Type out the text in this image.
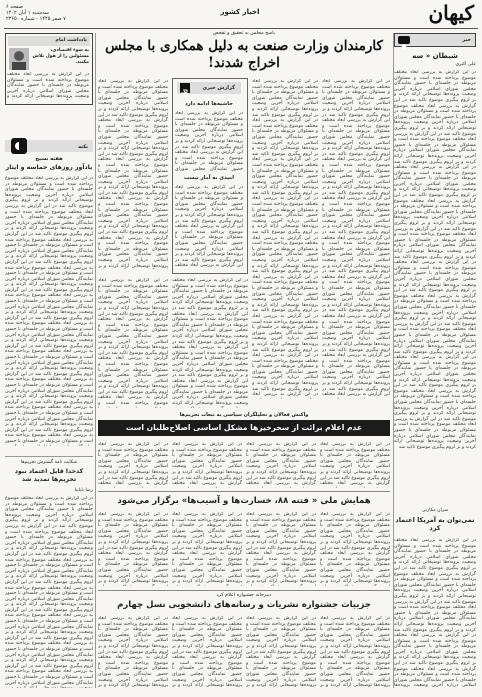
صفحه ۶
سه‌شنبه ۱ آبان ۱۴۰۲
۷ صفر ۱۴۴۵ - شماره ۲۳۶۵۰
اخبار کشور	کیهان
خبر
شیطان « سه
علی اکبری
در این گزارش به بررسی ابعاد مختلف موضوع پرداخته شده است و مسئولان مربوطه در جلسه‌ای با حضور نمایندگان مجلس شورای اسلامی درباره آخرین وضعیت پرونده‌ها توضیحاتی ارائه کردند و بر لزوم پیگیری موضوع تاکید شد در این گزارش به بررسی ابعاد مختلف موضوع پرداخته شده است و مسئولان مربوطه در جلسه‌ای با حضور نمایندگان مجلس شورای اسلامی درباره آخرین وضعیت پرونده‌ها توضیحاتی ارائه کردند و بر لزوم پیگیری موضوع تاکید شد در این گزارش به بررسی ابعاد مختلف موضوع پرداخته شده است و مسئولان مربوطه در جلسه‌ای با حضور نمایندگان مجلس شورای اسلامی درباره آخرین وضعیت پرونده‌ها توضیحاتی ارائه کردند و بر لزوم پیگیری موضوع تاکید شد در این گزارش به بررسی ابعاد مختلف موضوع پرداخته شده است و مسئولان مربوطه در جلسه‌ای با حضور نمایندگان مجلس شورای اسلامی درباره آخرین وضعیت پرونده‌ها توضیحاتی ارائه کردند و بر لزوم پیگیری موضوع تاکید شد در این گزارش به بررسی ابعاد مختلف موضوع پرداخته شده است و مسئولان مربوطه در جلسه‌ای با حضور نمایندگان مجلس شورای اسلامی درباره آخرین وضعیت پرونده‌ها توضیحاتی ارائه کردند و بر لزوم پیگیری موضوع تاکید شد در این گزارش به بررسی ابعاد مختلف موضوع پرداخته شده است و مسئولان مربوطه در جلسه‌ای با حضور نمایندگان مجلس شورای اسلامی درباره آخرین وضعیت پرونده‌ها توضیحاتی ارائه کردند و بر لزوم پیگیری موضوع تاکید شد در این گزارش به بررسی ابعاد مختلف موضوع پرداخته شده است و مسئولان مربوطه در جلسه‌ای با حضور نمایندگان مجلس شورای اسلامی درباره آخرین وضعیت پرونده‌ها توضیحاتی ارائه کردند و بر لزوم پیگیری موضوع تاکید شد در این گزارش به بررسی ابعاد مختلف موضوع پرداخته شده است و مسئولان مربوطه در جلسه‌ای با حضور نمایندگان مجلس شورای اسلامی درباره آخرین وضعیت پرونده‌ها توضیحاتی ارائه کردند و بر لزوم پیگیری موضوع تاکید شد در این گزارش به بررسی ابعاد مختلف موضوع پرداخته شده است و مسئولان مربوطه در جلسه‌ای با حضور نمایندگان مجلس شورای اسلامی درباره آخرین وضعیت پرونده‌ها توضیحاتی ارائه کردند و بر لزوم پیگیری موضوع تاکید شد در این گزارش به بررسی ابعاد مختلف موضوع پرداخته شده است و مسئولان مربوطه در جلسه‌ای با حضور نمایندگان مجلس شورای اسلامی درباره آخرین وضعیت پرونده‌ها توضیحاتی ارائه کردند و بر لزوم پیگیری موضوع تاکید شد در این گزارش به بررسی ابعاد مختلف موضوع پرداخته شده است و مسئولان مربوطه در جلسه‌ای با حضور نمایندگان مجلس شورای اسلامی درباره آخرین وضعیت پرونده‌ها توضیحاتی ارائه کردند و بر لزوم پیگیری موضوع تاکید شد در این گزارش به بررسی ابعاد مختلف موضوع پرداخته شده است و مسئولان مربوطه در جلسه‌ای با حضور نمایندگان مجلس شورای اسلامی درباره آخرین وضعیت پرونده‌ها توضیحاتی ارائه کردند و بر لزوم پیگیری موضوع تاکید شد
سران مکارتی
نمی‌توان به آمریکا اعتماد کرد
در این گزارش به بررسی ابعاد مختلف موضوع پرداخته شده است و مسئولان مربوطه در جلسه‌ای با حضور نمایندگان مجلس شورای اسلامی درباره آخرین وضعیت پرونده‌ها توضیحاتی ارائه کردند و بر لزوم پیگیری موضوع تاکید شد در این گزارش به بررسی ابعاد مختلف موضوع پرداخته شده است و مسئولان مربوطه در جلسه‌ای با حضور نمایندگان مجلس شورای اسلامی درباره آخرین وضعیت پرونده‌ها توضیحاتی ارائه کردند و بر لزوم پیگیری موضوع تاکید شد در این گزارش به بررسی ابعاد مختلف موضوع پرداخته شده است و مسئولان مربوطه در جلسه‌ای با حضور نمایندگان مجلس شورای اسلامی درباره آخرین وضعیت پرونده‌ها توضیحاتی ارائه کردند و بر لزوم پیگیری موضوع تاکید شد در این گزارش به بررسی ابعاد مختلف موضوع پرداخته شده است و مسئولان مربوطه در جلسه‌ای با حضور نمایندگان مجلس شورای اسلامی درباره آخرین وضعیت پرونده‌ها توضیحاتی ارائه کردند و بر لزوم پیگیری موضوع تاکید شد در این گزارش به بررسی ابعاد مختلف موضوع پرداخته شده است و مسئولان مربوطه در جلسه‌ای با حضور نمایندگان مجلس شورای اسلامی درباره آخرین وضعیت پرونده‌ها
باسخ مجلس به تحقیق و تفحص
کارمندان وزارت صنعت به دلیل همکاری با مجلس اخراج شدند!
در این گزارش به بررسی ابعاد مختلف موضوع پرداخته شده است و مسئولان مربوطه در جلسه‌ای با حضور نمایندگان مجلس شورای اسلامی درباره آخرین وضعیت پرونده‌ها توضیحاتی ارائه کردند و بر لزوم پیگیری موضوع تاکید شد در این گزارش به بررسی ابعاد مختلف موضوع پرداخته شده است و مسئولان مربوطه در جلسه‌ای با حضور نمایندگان مجلس شورای اسلامی درباره آخرین وضعیت پرونده‌ها توضیحاتی ارائه کردند و بر لزوم پیگیری موضوع تاکید شد در این گزارش به بررسی ابعاد مختلف موضوع پرداخته شده است و مسئولان مربوطه در جلسه‌ای با حضور نمایندگان مجلس شورای اسلامی درباره آخرین وضعیت پرونده‌ها توضیحاتی ارائه کردند و بر لزوم پیگیری موضوع تاکید شد در این گزارش به بررسی ابعاد مختلف موضوع پرداخته شده است و مسئولان مربوطه در جلسه‌ای با حضور نمایندگان مجلس شورای اسلامی درباره آخرین وضعیت پرونده‌ها توضیحاتی ارائه کردند و بر لزوم پیگیری موضوع تاکید شد در این گزارش به بررسی ابعاد مختلف موضوع پرداخته شده است و مسئولان مربوطه در جلسه‌ای با حضور نمایندگان مجلس شورای اسلامی درباره آخرین وضعیت پرونده‌ها توضیحاتی ارائه کردند و بر لزوم پیگیری موضوع تاکید شد در این گزارش به بررسی ابعاد مختلف موضوع پرداخته شده است و مسئولان مربوطه در جلسه‌ای با حضور نمایندگان مجلس شورای اسلامی درباره آخرین وضعیت پرونده‌ها توضیحاتی ارائه کردند و بر لزوم پیگیری موضوع تاکید شد در این گزارش به بررسی ابعاد مختلف موضوع پرداخته شده است و مسئولان مربوطه در جلسه‌ای با حضور نمایندگان مجلس شورای اسلامی درباره آخرین وضعیت پرونده‌ها توضیحاتی ارائه کردند و بر لزوم پیگیری موضوع تاکید شد در این گزارش به بررسی ابعاد مختلف موضوع پرداخته شده است و مسئولان مربوطه در جلسه‌ای با حضور نمایندگان مجلس شورای اسلامی درباره آخرین وضعیت پرونده‌ها توضیحاتی ارائه کردند و بر لزوم پیگیری موضوع تاکید شد در این گزارش به بررسی ابعاد مختلف
در این گزارش به بررسی ابعاد مختلف موضوع پرداخته شده است و مسئولان مربوطه در جلسه‌ای با حضور نمایندگان مجلس شورای اسلامی درباره آخرین وضعیت پرونده‌ها توضیحاتی ارائه کردند و بر لزوم پیگیری موضوع تاکید شد در این گزارش به بررسی ابعاد مختلف موضوع پرداخته شده است و مسئولان مربوطه در جلسه‌ای با حضور نمایندگان مجلس شورای اسلامی درباره آخرین وضعیت پرونده‌ها توضیحاتی ارائه کردند و بر لزوم پیگیری موضوع تاکید شد در این گزارش به بررسی ابعاد مختلف موضوع پرداخته شده است و مسئولان مربوطه در جلسه‌ای با حضور نمایندگان مجلس شورای اسلامی درباره آخرین وضعیت پرونده‌ها توضیحاتی ارائه کردند و بر لزوم پیگیری موضوع تاکید شد در این گزارش به بررسی ابعاد مختلف موضوع پرداخته شده است و مسئولان مربوطه در جلسه‌ای با حضور نمایندگان مجلس شورای اسلامی درباره آخرین وضعیت پرونده‌ها توضیحاتی ارائه کردند و بر لزوم پیگیری موضوع تاکید شد در این گزارش به بررسی ابعاد مختلف موضوع پرداخته شده است و مسئولان مربوطه در جلسه‌ای با حضور نمایندگان مجلس شورای اسلامی درباره آخرین وضعیت پرونده‌ها توضیحاتی ارائه کردند و بر لزوم پیگیری موضوع تاکید شد در این گزارش به بررسی ابعاد مختلف موضوع پرداخته شده است و مسئولان مربوطه در جلسه‌ای با حضور نمایندگان مجلس شورای اسلامی درباره آخرین وضعیت پرونده‌ها توضیحاتی ارائه کردند و بر لزوم پیگیری موضوع تاکید شد در این گزارش به بررسی ابعاد مختلف موضوع پرداخته شده است و مسئولان مربوطه در جلسه‌ای با حضور نمایندگان مجلس شورای اسلامی درباره آخرین وضعیت پرونده‌ها توضیحاتی ارائه کردند و بر لزوم پیگیری موضوع تاکید شد در این گزارش به بررسی ابعاد مختلف موضوع پرداخته شده است و مسئولان مربوطه در جلسه‌ای با حضور نمایندگان مجلس شورای اسلامی درباره آخرین وضعیت پرونده‌ها توضیحاتی ارائه کردند و بر لزوم پیگیری موضوع تاکید شد در این گزارش به بررسی ابعاد
گزارش خبری
حاشیه‌ها ادامه دارد
در این گزارش به بررسی ابعاد مختلف موضوع پرداخته شده است و مسئولان مربوطه در جلسه‌ای با حضور نمایندگان مجلس شورای اسلامی درباره آخرین وضعیت پرونده‌ها توضیحاتی ارائه کردند و بر لزوم پیگیری موضوع تاکید شد در این گزارش به بررسی ابعاد مختلف موضوع پرداخته شده است و مسئولان مربوطه در جلسه‌ای با حضور نمایندگان مجلس شورای
امیدی به آمار نیست
در این گزارش به بررسی ابعاد مختلف موضوع پرداخته شده است و مسئولان مربوطه در جلسه‌ای با حضور نمایندگان مجلس شورای اسلامی درباره آخرین وضعیت پرونده‌ها توضیحاتی ارائه کردند و بر لزوم پیگیری موضوع تاکید شد در این گزارش به بررسی ابعاد مختلف موضوع پرداخته شده است و مسئولان مربوطه در جلسه‌ای با حضور نمایندگان مجلس شورای اسلامی درباره آخرین وضعیت پرونده‌ها توضیحاتی ارائه کردند و بر لزوم پیگیری موضوع تاکید شد در این گزارش به بررسی ابعاد مختلف
در این گزارش به بررسی ابعاد مختلف موضوع پرداخته شده است و مسئولان مربوطه در جلسه‌ای با حضور نمایندگان مجلس شورای اسلامی درباره آخرین وضعیت پرونده‌ها توضیحاتی ارائه کردند و بر لزوم پیگیری موضوع تاکید شد در این گزارش به بررسی ابعاد مختلف موضوع پرداخته شده است و مسئولان مربوطه در جلسه‌ای با حضور نمایندگان مجلس شورای اسلامی درباره آخرین وضعیت پرونده‌ها توضیحاتی ارائه کردند و بر لزوم پیگیری موضوع تاکید شد در این گزارش به بررسی ابعاد مختلف موضوع پرداخته شده است و مسئولان مربوطه در جلسه‌ای با حضور نمایندگان مجلس شورای اسلامی درباره آخرین وضعیت پرونده‌ها توضیحاتی ارائه کردند و بر لزوم پیگیری موضوع تاکید شد در این گزارش به بررسی ابعاد مختلف موضوع پرداخته شده است و مسئولان مربوطه در جلسه‌ای با حضور نمایندگان مجلس شورای اسلامی درباره آخرین وضعیت پرونده‌ها توضیحاتی ارائه کردند و بر لزوم پیگیری موضوع تاکید شد در این گزارش به بررسی ابعاد مختلف موضوع پرداخته شده است و مسئولان مربوطه در جلسه‌ای با حضور نمایندگان مجلس شورای اسلامی درباره آخرین وضعیت پرونده‌ها توضیحاتی ارائه کردند و بر
در این گزارش به بررسی ابعاد مختلف موضوع پرداخته شده است و مسئولان مربوطه در جلسه‌ای با حضور نمایندگان مجلس شورای اسلامی درباره آخرین وضعیت پرونده‌ها توضیحاتی ارائه کردند و بر لزوم پیگیری موضوع تاکید شد در این گزارش به بررسی ابعاد مختلف موضوع پرداخته شده است و مسئولان مربوطه در جلسه‌ای با حضور نمایندگان مجلس شورای اسلامی درباره آخرین وضعیت پرونده‌ها توضیحاتی ارائه کردند و بر لزوم پیگیری موضوع تاکید شد در این گزارش به بررسی ابعاد مختلف موضوع پرداخته شده است و مسئولان مربوطه در جلسه‌ای با حضور نمایندگان مجلس شورای اسلامی درباره آخرین وضعیت پرونده‌ها توضیحاتی ارائه کردند و بر لزوم پیگیری موضوع تاکید شد در این گزارش به بررسی ابعاد مختلف موضوع پرداخته شده است و
در این گزارش به بررسی ابعاد مختلف موضوع پرداخته شده است و مسئولان مربوطه در جلسه‌ای با حضور نمایندگان مجلس شورای اسلامی درباره آخرین وضعیت پرونده‌ها توضیحاتی ارائه کردند و بر لزوم پیگیری موضوع تاکید شد در این گزارش به بررسی ابعاد مختلف موضوع پرداخته شده است و مسئولان مربوطه در جلسه‌ای با حضور نمایندگان مجلس شورای اسلامی درباره آخرین وضعیت پرونده‌ها توضیحاتی ارائه کردند و بر لزوم پیگیری موضوع تاکید شد در این گزارش به بررسی ابعاد مختلف موضوع پرداخته شده است و مسئولان مربوطه در جلسه‌ای با حضور نمایندگان مجلس شورای اسلامی درباره آخرین وضعیت پرونده‌ها توضیحاتی ارائه کردند و بر لزوم پیگیری موضوع تاکید شد در این گزارش به بررسی ابعاد مختلف موضوع پرداخته شده است و مسئولان مربوطه در جلسه‌ای با حضور نمایندگان مجلس شورای اسلامی درباره آخرین وضعیت پرونده‌ها توضیحاتی ارائه کردند
یادداشت امام
به سوء اقتصادی، مسئولین را از هول تلاش مکنند.
در این گزارش به بررسی ابعاد مختلف موضوع پرداخته شده است و مسئولان مربوطه در جلسه‌ای با حضور نمایندگان مجلس شورای اسلامی درباره آخرین وضعیت پرونده‌ها توضیحاتی ارائه کردند و
نکته
هفته نسیج
یادآور روزهای حماسه و ایثار
در این گزارش به بررسی ابعاد مختلف موضوع پرداخته شده است و مسئولان مربوطه در جلسه‌ای با حضور نمایندگان مجلس شورای اسلامی درباره آخرین وضعیت پرونده‌ها توضیحاتی ارائه کردند و بر لزوم پیگیری موضوع تاکید شد در این گزارش به بررسی ابعاد مختلف موضوع پرداخته شده است و مسئولان مربوطه در جلسه‌ای با حضور نمایندگان مجلس شورای اسلامی درباره آخرین وضعیت پرونده‌ها توضیحاتی ارائه کردند و بر لزوم پیگیری موضوع تاکید شد در این گزارش به بررسی ابعاد مختلف موضوع پرداخته شده است و مسئولان مربوطه در جلسه‌ای با حضور نمایندگان مجلس شورای اسلامی درباره آخرین وضعیت پرونده‌ها توضیحاتی ارائه کردند و بر لزوم پیگیری موضوع تاکید شد در این گزارش به بررسی ابعاد مختلف موضوع پرداخته شده است و مسئولان مربوطه در جلسه‌ای با حضور نمایندگان مجلس شورای اسلامی درباره آخرین وضعیت پرونده‌ها توضیحاتی ارائه کردند و بر لزوم پیگیری موضوع تاکید شد در این گزارش به بررسی ابعاد مختلف موضوع پرداخته شده است و مسئولان مربوطه در جلسه‌ای با حضور نمایندگان مجلس شورای اسلامی درباره آخرین وضعیت پرونده‌ها توضیحاتی ارائه کردند و بر لزوم پیگیری موضوع تاکید شد در این گزارش به بررسی ابعاد مختلف موضوع پرداخته شده است و مسئولان مربوطه در جلسه‌ای با حضور نمایندگان مجلس شورای اسلامی درباره آخرین وضعیت پرونده‌ها توضیحاتی ارائه کردند و بر لزوم پیگیری موضوع تاکید شد در این گزارش به بررسی ابعاد مختلف موضوع پرداخته شده است و مسئولان مربوطه در جلسه‌ای با حضور نمایندگان مجلس شورای اسلامی درباره آخرین وضعیت پرونده‌ها توضیحاتی ارائه کردند و بر لزوم پیگیری موضوع تاکید شد در این گزارش به بررسی ابعاد مختلف موضوع پرداخته شده است و مسئولان مربوطه در جلسه‌ای با حضور نمایندگان مجلس شورای اسلامی درباره آخرین وضعیت پرونده‌ها توضیحاتی ارائه کردند و بر لزوم پیگیری موضوع تاکید شد در این گزارش به بررسی ابعاد مختلف موضوع پرداخته شده است و مسئولان مربوطه در جلسه‌ای با حضور نمایندگان مجلس شورای اسلامی درباره آخرین وضعیت پرونده‌ها توضیحاتی ارائه کردند و بر لزوم پیگیری موضوع تاکید شد در این گزارش به بررسی ابعاد مختلف موضوع پرداخته شده است و مسئولان مربوطه در جلسه‌ای با حضور
شکایت نامه گسترش تحریم‌ها
کدخدا قابل اعتماد نبود تحریم‌ها تمدید شد
رضا بابانیا
در این گزارش به بررسی ابعاد مختلف موضوع پرداخته شده است و مسئولان مربوطه در جلسه‌ای با حضور نمایندگان مجلس شورای اسلامی درباره آخرین وضعیت پرونده‌ها توضیحاتی ارائه کردند و بر لزوم پیگیری موضوع تاکید شد در این گزارش به بررسی ابعاد مختلف موضوع پرداخته شده است و مسئولان مربوطه در جلسه‌ای با حضور نمایندگان مجلس شورای اسلامی درباره آخرین وضعیت پرونده‌ها توضیحاتی ارائه کردند و بر لزوم پیگیری موضوع تاکید شد در این گزارش به بررسی ابعاد مختلف موضوع پرداخته شده است و مسئولان مربوطه در جلسه‌ای با حضور نمایندگان مجلس شورای اسلامی درباره آخرین وضعیت پرونده‌ها توضیحاتی ارائه کردند و بر لزوم پیگیری موضوع تاکید شد در این گزارش به بررسی ابعاد مختلف موضوع پرداخته شده است و مسئولان مربوطه در جلسه‌ای با حضور نمایندگان مجلس شورای اسلامی درباره آخرین وضعیت پرونده‌ها توضیحاتی ارائه کردند و بر لزوم پیگیری موضوع تاکید شد در این گزارش به بررسی ابعاد مختلف موضوع پرداخته شده است و مسئولان مربوطه در جلسه‌ای با حضور نمایندگان مجلس شورای اسلامی درباره آخرین وضعیت پرونده‌ها توضیحاتی ارائه کردند و بر لزوم پیگیری موضوع تاکید شد در این گزارش به بررسی ابعاد مختلف موضوع پرداخته شده است و مسئولان مربوطه در جلسه‌ای با حضور نمایندگان مجلس شورای اسلامی درباره آخرین وضعیت پرونده‌ها توضیحاتی ارائه کردند و بر لزوم پیگیری موضوع تاکید شد در این گزارش به بررسی ابعاد مختلف موضوع پرداخته شده است و مسئولان مربوطه در جلسه‌ای با حضور نمایندگان مجلس شورای اسلامی درباره آخرین
واکنش فعالان و تحلیلگران سیاسی به تبعات تحریم‌ها
عدم اعلام برائت از سحرخیزها مشکل اساسی اصلاح‌طلبان است
در این گزارش به بررسی ابعاد مختلف موضوع پرداخته شده است و مسئولان مربوطه در جلسه‌ای با حضور نمایندگان مجلس شورای اسلامی درباره آخرین وضعیت پرونده‌ها توضیحاتی ارائه کردند و بر لزوم پیگیری موضوع تاکید شد در این گزارش به بررسی ابعاد مختلف
در این گزارش به بررسی ابعاد مختلف موضوع پرداخته شده است و مسئولان مربوطه در جلسه‌ای با حضور نمایندگان مجلس شورای اسلامی درباره آخرین وضعیت پرونده‌ها توضیحاتی ارائه کردند و بر لزوم پیگیری موضوع تاکید شد در این گزارش به بررسی ابعاد مختلف
در این گزارش به بررسی ابعاد مختلف موضوع پرداخته شده است و مسئولان مربوطه در جلسه‌ای با حضور نمایندگان مجلس شورای اسلامی درباره آخرین وضعیت پرونده‌ها توضیحاتی ارائه کردند و بر لزوم پیگیری موضوع تاکید شد در این گزارش به بررسی ابعاد مختلف
در این گزارش به بررسی ابعاد مختلف موضوع پرداخته شده است و مسئولان مربوطه در جلسه‌ای با حضور نمایندگان مجلس شورای اسلامی درباره آخرین وضعیت پرونده‌ها توضیحاتی ارائه کردند و بر لزوم پیگیری موضوع تاکید شد در این گزارش به بررسی ابعاد مختلف
همایش ملی « فتنه ۸۸، خسارت‌ها و آسیب‌ها» برگزار می‌شود
در این گزارش به بررسی ابعاد مختلف موضوع پرداخته شده است و مسئولان مربوطه در جلسه‌ای با حضور نمایندگان مجلس شورای اسلامی درباره آخرین وضعیت پرونده‌ها توضیحاتی ارائه کردند و بر لزوم پیگیری موضوع تاکید شد در این گزارش به بررسی ابعاد مختلف موضوع پرداخته شده است و مسئولان مربوطه در جلسه‌ای با حضور نمایندگان مجلس شورای اسلامی درباره آخرین وضعیت پرونده‌ها توضیحاتی ارائه کردند و بر
در این گزارش به بررسی ابعاد مختلف موضوع پرداخته شده است و مسئولان مربوطه در جلسه‌ای با حضور نمایندگان مجلس شورای اسلامی درباره آخرین وضعیت پرونده‌ها توضیحاتی ارائه کردند و بر لزوم پیگیری موضوع تاکید شد در این گزارش به بررسی ابعاد مختلف موضوع پرداخته شده است و مسئولان مربوطه در جلسه‌ای با حضور نمایندگان مجلس شورای اسلامی درباره آخرین وضعیت پرونده‌ها توضیحاتی ارائه کردند و بر
در این گزارش به بررسی ابعاد مختلف موضوع پرداخته شده است و مسئولان مربوطه در جلسه‌ای با حضور نمایندگان مجلس شورای اسلامی درباره آخرین وضعیت پرونده‌ها توضیحاتی ارائه کردند و بر لزوم پیگیری موضوع تاکید شد در این گزارش به بررسی ابعاد مختلف موضوع پرداخته شده است و مسئولان مربوطه در جلسه‌ای با حضور نمایندگان مجلس شورای اسلامی درباره آخرین وضعیت پرونده‌ها توضیحاتی ارائه کردند و بر
در این گزارش به بررسی ابعاد مختلف موضوع پرداخته شده است و مسئولان مربوطه در جلسه‌ای با حضور نمایندگان مجلس شورای اسلامی درباره آخرین وضعیت پرونده‌ها توضیحاتی ارائه کردند و بر لزوم پیگیری موضوع تاکید شد در این گزارش به بررسی ابعاد مختلف موضوع پرداخته شده است و مسئولان مربوطه در جلسه‌ای با حضور نمایندگان مجلس شورای اسلامی درباره آخرین وضعیت پرونده‌ها توضیحاتی ارائه کردند و بر
دبیرخانه جشنواره اعلام کرد
جزییات جشنواره نشریات و رسانه‌های دانشجویی نسل چهارم
در این گزارش به بررسی ابعاد مختلف موضوع پرداخته شده است و مسئولان مربوطه در جلسه‌ای با حضور نمایندگان مجلس شورای اسلامی درباره آخرین وضعیت پرونده‌ها توضیحاتی ارائه کردند و بر لزوم پیگیری موضوع تاکید شد در این گزارش به بررسی ابعاد مختلف موضوع پرداخته شده است و مسئولان مربوطه در جلسه‌ای با حضور نمایندگان مجلس شورای اسلامی درباره آخرین وضعیت پرونده‌ها توضیحاتی ارائه کردند و بر
در این گزارش به بررسی ابعاد مختلف موضوع پرداخته شده است و مسئولان مربوطه در جلسه‌ای با حضور نمایندگان مجلس شورای اسلامی درباره آخرین وضعیت پرونده‌ها توضیحاتی ارائه کردند و بر لزوم پیگیری موضوع تاکید شد در این گزارش به بررسی ابعاد مختلف موضوع پرداخته شده است و مسئولان مربوطه در جلسه‌ای با حضور نمایندگان مجلس شورای اسلامی درباره آخرین وضعیت پرونده‌ها توضیحاتی ارائه کردند و بر
در این گزارش به بررسی ابعاد مختلف موضوع پرداخته شده است و مسئولان مربوطه در جلسه‌ای با حضور نمایندگان مجلس شورای اسلامی درباره آخرین وضعیت پرونده‌ها توضیحاتی ارائه کردند و بر لزوم پیگیری موضوع تاکید شد در این گزارش به بررسی ابعاد مختلف موضوع پرداخته شده است و مسئولان مربوطه در جلسه‌ای با حضور نمایندگان مجلس شورای اسلامی درباره آخرین وضعیت پرونده‌ها توضیحاتی ارائه کردند و بر
در این گزارش به بررسی ابعاد مختلف موضوع پرداخته شده است و مسئولان مربوطه در جلسه‌ای با حضور نمایندگان مجلس شورای اسلامی درباره آخرین وضعیت پرونده‌ها توضیحاتی ارائه کردند و بر لزوم پیگیری موضوع تاکید شد در این گزارش به بررسی ابعاد مختلف موضوع پرداخته شده است و مسئولان مربوطه در جلسه‌ای با حضور نمایندگان مجلس شورای اسلامی درباره آخرین وضعیت پرونده‌ها توضیحاتی ارائه کردند و بر
